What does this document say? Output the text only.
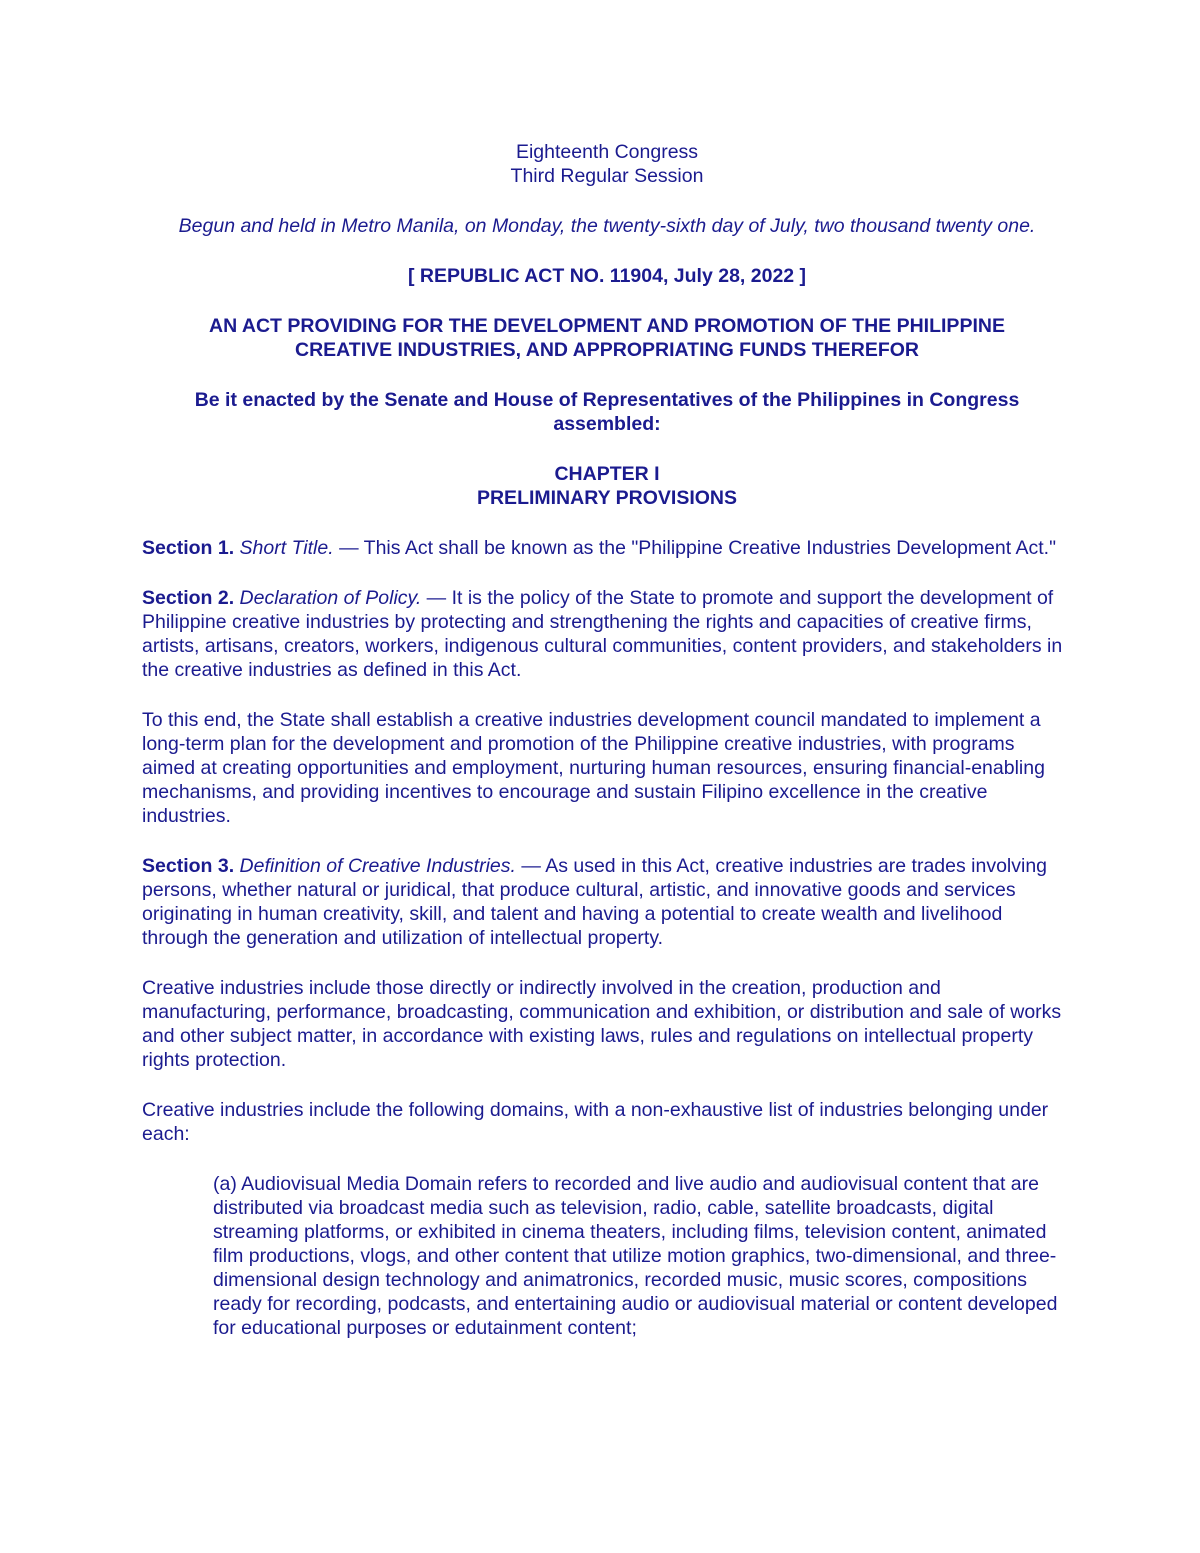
Eighteenth Congress

Third Regular Session

Begun and held in Metro Manila, on Monday, the twenty-sixth day of July, two thousand twenty one.

[ REPUBLIC ACT NO. 11904, July 28, 2022 ]

AN ACT PROVIDING FOR THE DEVELOPMENT AND PROMOTION OF THE PHILIPPINE

CREATIVE INDUSTRIES, AND APPROPRIATING FUNDS THEREFOR

Be it enacted by the Senate and House of Representatives of the Philippines in Congress assembled:

CHAPTER I

PRELIMINARY PROVISIONS

Section 1. Short Title. — This Act shall be known as the "Philippine Creative Industries Development Act."

Section 2. Declaration of Policy. — It is the policy of the State to promote and support the development of Philippine creative industries by protecting and strengthening the rights and capacities of creative firms, artists, artisans, creators, workers, indigenous cultural communities, content providers, and stakeholders in the creative industries as defined in this Act.

To this end, the State shall establish a creative industries development council mandated to implement a long-term plan for the development and promotion of the Philippine creative industries, with programs aimed at creating opportunities and employment, nurturing human resources, ensuring financial-enabling mechanisms, and providing incentives to encourage and sustain Filipino excellence in the creative industries.

Section 3. Definition of Creative Industries. — As used in this Act, creative industries are trades involving persons, whether natural or juridical, that produce cultural, artistic, and innovative goods and services originating in human creativity, skill, and talent and having a potential to create wealth and livelihood through the generation and utilization of intellectual property.

Creative industries include those directly or indirectly involved in the creation, production and manufacturing, performance, broadcasting, communication and exhibition, or distribution and sale of works and other subject matter, in accordance with existing laws, rules and regulations on intellectual property rights protection.

Creative industries include the following domains, with a non-exhaustive list of industries belonging under each:

(a) Audiovisual Media Domain refers to recorded and live audio and audiovisual content that are distributed via broadcast media such as television, radio, cable, satellite broadcasts, digital streaming platforms, or exhibited in cinema theaters, including films, television content, animated film productions, vlogs, and other content that utilize motion graphics, two-dimensional, and three-dimensional design technology and animatronics, recorded music, music scores, compositions ready for recording, podcasts, and entertaining audio or audiovisual material or content developed for educational purposes or edutainment content;
